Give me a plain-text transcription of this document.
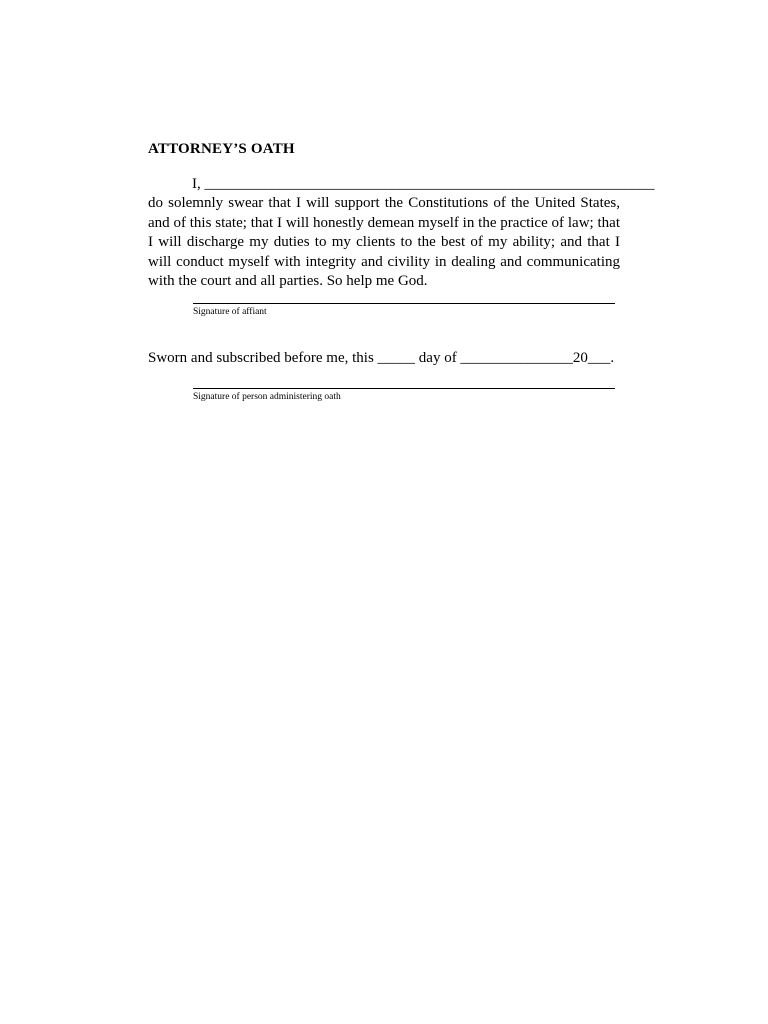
ATTORNEY’S OATH
I, ____________________________________________________________
do solemnly swear that I will support the Constitutions of the United States, and of this state; that I will honestly demean myself in the practice of law; that I will discharge my duties to my clients to the best of my ability; and that I will conduct myself with integrity and civility in dealing and communicating with the court and all parties. So help me God.
Signature of affiant
Sworn and subscribed before me, this _____ day of _______________20___.
Signature of person administering oath
